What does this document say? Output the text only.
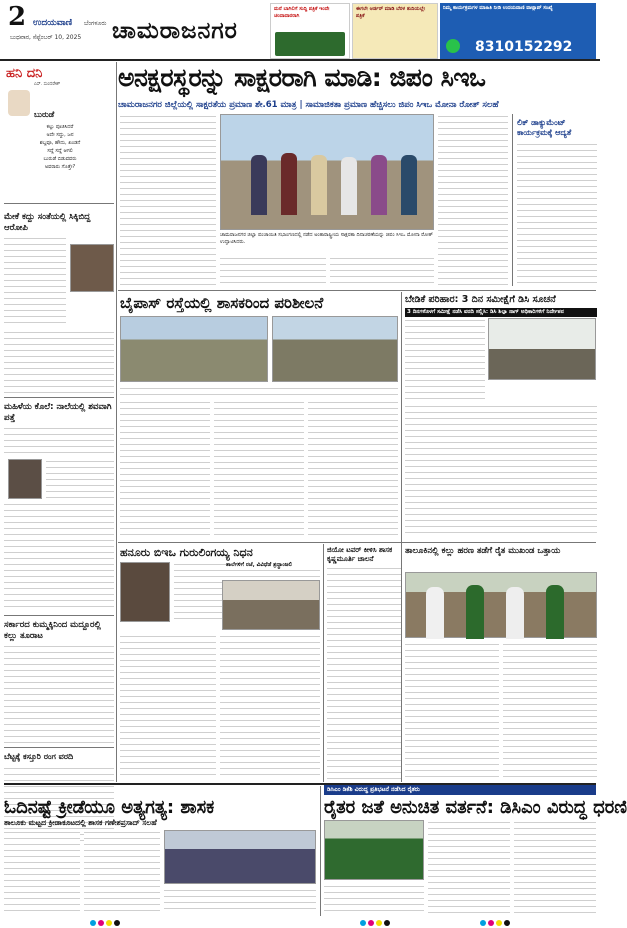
2 ಉದಯವಾಣಿ ಬೆಂಗಳೂರು
ಬುಧವಾರ, ಸೆಪ್ಟೆಂಬರ್ 10, 2025 ಚಾಮರಾಜನಗರ
ಮನೆ ಬಾಗಿಲಿಗೆ ಸುದ್ದಿ ಪತ್ರಿಕೆ ಇಂದೇ ಚಂದಾದಾರರಾಗಿ
ಈಗಲೇ ಆರ್ಡರ್ ಮಾಡಿ ಬೆರಳ ತುದಿಯಲ್ಲೇ ಪತ್ರಿಕೆ
ನಿಮ್ಮ ಕಾರ್ಯಕ್ರಮಗಳ ಮಾಹಿತಿ ನೀಡಿ ಉದಯವಾಣಿ ವಾಟ್ಸಾಪ್ ಸಂಖ್ಯೆ
8310152292
ಹನಿ ದನಿ
ಎಸ್. ಸುಂದರೇಶ್
ಬುರುಡೆ
ಕಲ್ಲು ಪೂಜಿಸಿದರೆ
ಅದೇ ಸದ್ದು, ಜನ
ಶಬ್ದವೂ, ಹೌದು, ಖಂಡನೆ
ಸದ್ದೆ ಸದ್ದೆ ಆಗಲಿ
ಬುರುಡೆ ಬಿಡುವವರು
ಅವರಾರು ಗೊತ್ತೇ?
ಮೇಕೆ ಕದ್ದು ಸಂತೆಯಲ್ಲಿ ಸಿಕ್ಕಿಬಿದ್ದ ಆರೋಪಿ
ಮಹಿಳೆಯ ಕೊಲೆ: ನಾಲೆಯಲ್ಲಿ ಶವವಾಗಿ ಪತ್ತೆ
ಸರ್ಕಾರದ ಕುಮ್ಮಕ್ಕಿನಿಂದ ಮದ್ದೂರಲ್ಲಿ ಕಲ್ಲು ತೂರಾಟ
ಬೆಟ್ಟಕ್ಕೆ ಕಸ್ತೂರಿ ರಂಗ ವರದಿ
ಅನಕ್ಷರಸ್ಥರನ್ನು ಸಾಕ್ಷರರಾಗಿ ಮಾಡಿ: ಜಿಪಂ ಸಿಇಒ
ಚಾಮರಾಜನಗರ ಜಿಲ್ಲೆಯಲ್ಲಿ ಸಾಕ್ಷರತೆಯ ಪ್ರಮಾಣ ಶೇ.61 ಮಾತ್ರ | ಸಾಮಾಜಿಕತಾ ಪ್ರಮಾಣ ಹೆಚ್ಚಿಸಲು ಜಿಪಂ ಸಿಇಒ ಮೋನಾ ರೋತ್ ಸಲಹೆ
ಚಾಮರಾಜನಗರ ಜಿಲ್ಲಾ ಪಂಚಾಯಿತಿ ಸಭಾಂಗಣದಲ್ಲಿ ನಡೆದ ಅಂತಾರಾಷ್ಟ್ರೀಯ ಸಾಕ್ಷರತಾ ದಿನಾಚರಣೆಯನ್ನು ಜಿಪಂ ಸಿಇಒ ಮೋನಾ ರೋತ್ ಉದ್ಘಾಟಿಸಿದರು.
ಲಿಕ್ ಡಾಕ್ಯುಮೆಂಟ್ ಕಾರ್ಯಕ್ರಮಕ್ಕೆ ಆದ್ಯತೆ
ಬೈಪಾಸ್ ರಸ್ತೆಯಲ್ಲಿ ಶಾಸಕರಿಂದ ಪರಿಶೀಲನೆ	ಬೇಡಿಕೆ ಪರಿಹಾರ: 3 ದಿನ ಸಮೀಕ್ಷೆಗೆ ಡಿಸಿ ಸೂಚನೆ
3 ದಿನಗಳೊಳಗೆ ಸಮೀಕ್ಷೆ ನಡೆಸಿ ವರದಿ ಸಲ್ಲಿಸಿ: ಡಿಸಿ ಶಿಲ್ಪಾ ನಾಗ್ ಅಧಿಕಾರಿಗಳಿಗೆ ನಿರ್ದೇಶನ
ಹನೂರು ಬಿಇಒ ಗುರುಲಿಂಗಯ್ಯ ನಿಧನ
ಶಾಲೆಗಳಿಗೆ ರಜೆ, ವಿವಿಧೆಡೆ ಶ್ರದ್ಧಾಂಜಲಿ
ಜಿಯೋ ಟವರ್ ಕೀಳಿಸಿ ಶಾಸಕ ಕೃಷ್ಣಮೂರ್ತಿ ಚಾಲನೆ
ತಾಲೂಕಿನಲ್ಲಿ ಕಲ್ಲು ಹರಣ ತಡೆಗೆ ರೈತ ಮುಖಂಡ ಒತ್ತಾಯ
ಓದಿನಷ್ಟೆ ಕ್ರೀಡೆಯೂ ಅತ್ಯಗತ್ಯ: ಶಾಸಕ
ತಾಲೂಕು ಮಟ್ಟದ ಕ್ರೀಡಾಕೂಟದಲ್ಲಿ ಶಾಸಕ ಗಣೇಶಪ್ರಸಾದ್ ಸಲಹೆ
ಡಿಸಿಎಂ ಡಿಕೆಶಿ ವಿರುದ್ಧ ಪ್ರತಿಭಟನೆ ನಡೆಸಿದ ರೈತರು
ರೈತರ ಜತೆ ಅನುಚಿತ ವರ್ತನೆ: ಡಿಸಿಎಂ ವಿರುದ್ಧ ಧರಣಿ
